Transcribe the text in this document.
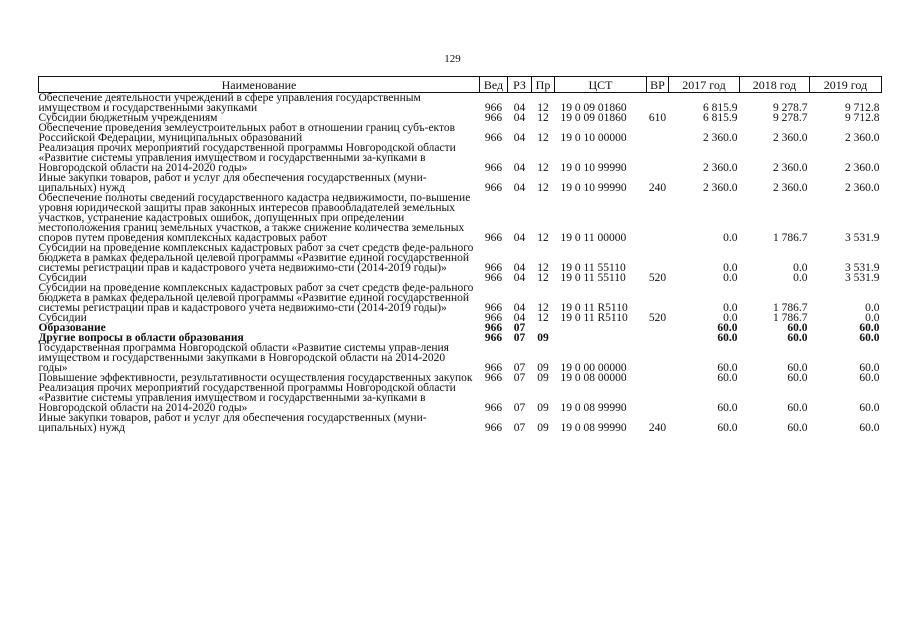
129
Наименование	Вед	РЗ	Пр	ЦСТ	ВР	2017 год	2018 год	2019 год
Обеспечение деятельности учреждений в сфере управления государственным имуществом и государственными закупками	966	04	12	19 0 09 01860		6 815.9	9 278.7	9 712.8
Субсидии бюджетным учреждениям	966	04	12	19 0 09 01860	610	6 815.9	9 278.7	9 712.8
Обеспечение проведения землеустроительных работ в отношении границ субъ-ектов Российской Федерации, муниципальных образований	966	04	12	19 0 10 00000		2 360.0	2 360.0	2 360.0
Реализация прочих мероприятий государственной программы Новгородской области «Развитие системы управления имуществом и государственными за-купками в Новгородской области на 2014-2020 годы»	966	04	12	19 0 10 99990		2 360.0	2 360.0	2 360.0
Иные закупки товаров, работ и услуг для обеспечения государственных (муни-ципальных) нужд	966	04	12	19 0 10 99990	240	2 360.0	2 360.0	2 360.0
Обеспечение полноты сведений государственного кадастра недвижимости, по-вышение уровня юридической защиты прав законных интересов правообладателей земельных участков, устранение кадастровых ошибок, допущенных при определении местоположения границ земельных участков, а также снижение количества земельных споров путем проведения комплексных кадастровых работ	966	04	12	19 0 11 00000		0.0	1 786.7	3 531.9
Субсидии на проведение комплексных кадастровых работ за счет средств феде-рального бюджета в рамках федеральной целевой программы «Развитие единой государственной системы регистрации прав и кадастрового учета недвижимо-сти (2014-2019 годы)»	966	04	12	19 0 11 55110		0.0	0.0	3 531.9
Субсидии	966	04	12	19 0 11 55110	520	0.0	0.0	3 531.9
Субсидии на проведение комплексных кадастровых работ за счет средств феде-рального бюджета в рамках федеральной целевой программы «Развитие единой государственной системы регистрации прав и кадастрового учета недвижимо-сти (2014-2019 годы)»	966	04	12	19 0 11 R5110		0.0	1 786.7	0.0
Субсидии	966	04	12	19 0 11 R5110	520	0.0	1 786.7	0.0
Образование	966	07				60.0	60.0	60.0
Другие вопросы в области образования	966	07	09			60.0	60.0	60.0
Государственная программа Новгородской области «Развитие системы управ-ления имуществом и государственными закупками в Новгородской области на 2014-2020 годы»	966	07	09	19 0 00 00000		60.0	60.0	60.0
Повышение эффективности, результативности осуществления государственных закупок	966	07	09	19 0 08 00000		60.0	60.0	60.0
Реализация прочих мероприятий государственной программы Новгородской области «Развитие системы управления имуществом и государственными за-купками в Новгородской области на 2014-2020 годы»	966	07	09	19 0 08 99990		60.0	60.0	60.0
Иные закупки товаров, работ и услуг для обеспечения государственных (муни-ципальных) нужд	966	07	09	19 0 08 99990	240	60.0	60.0	60.0
